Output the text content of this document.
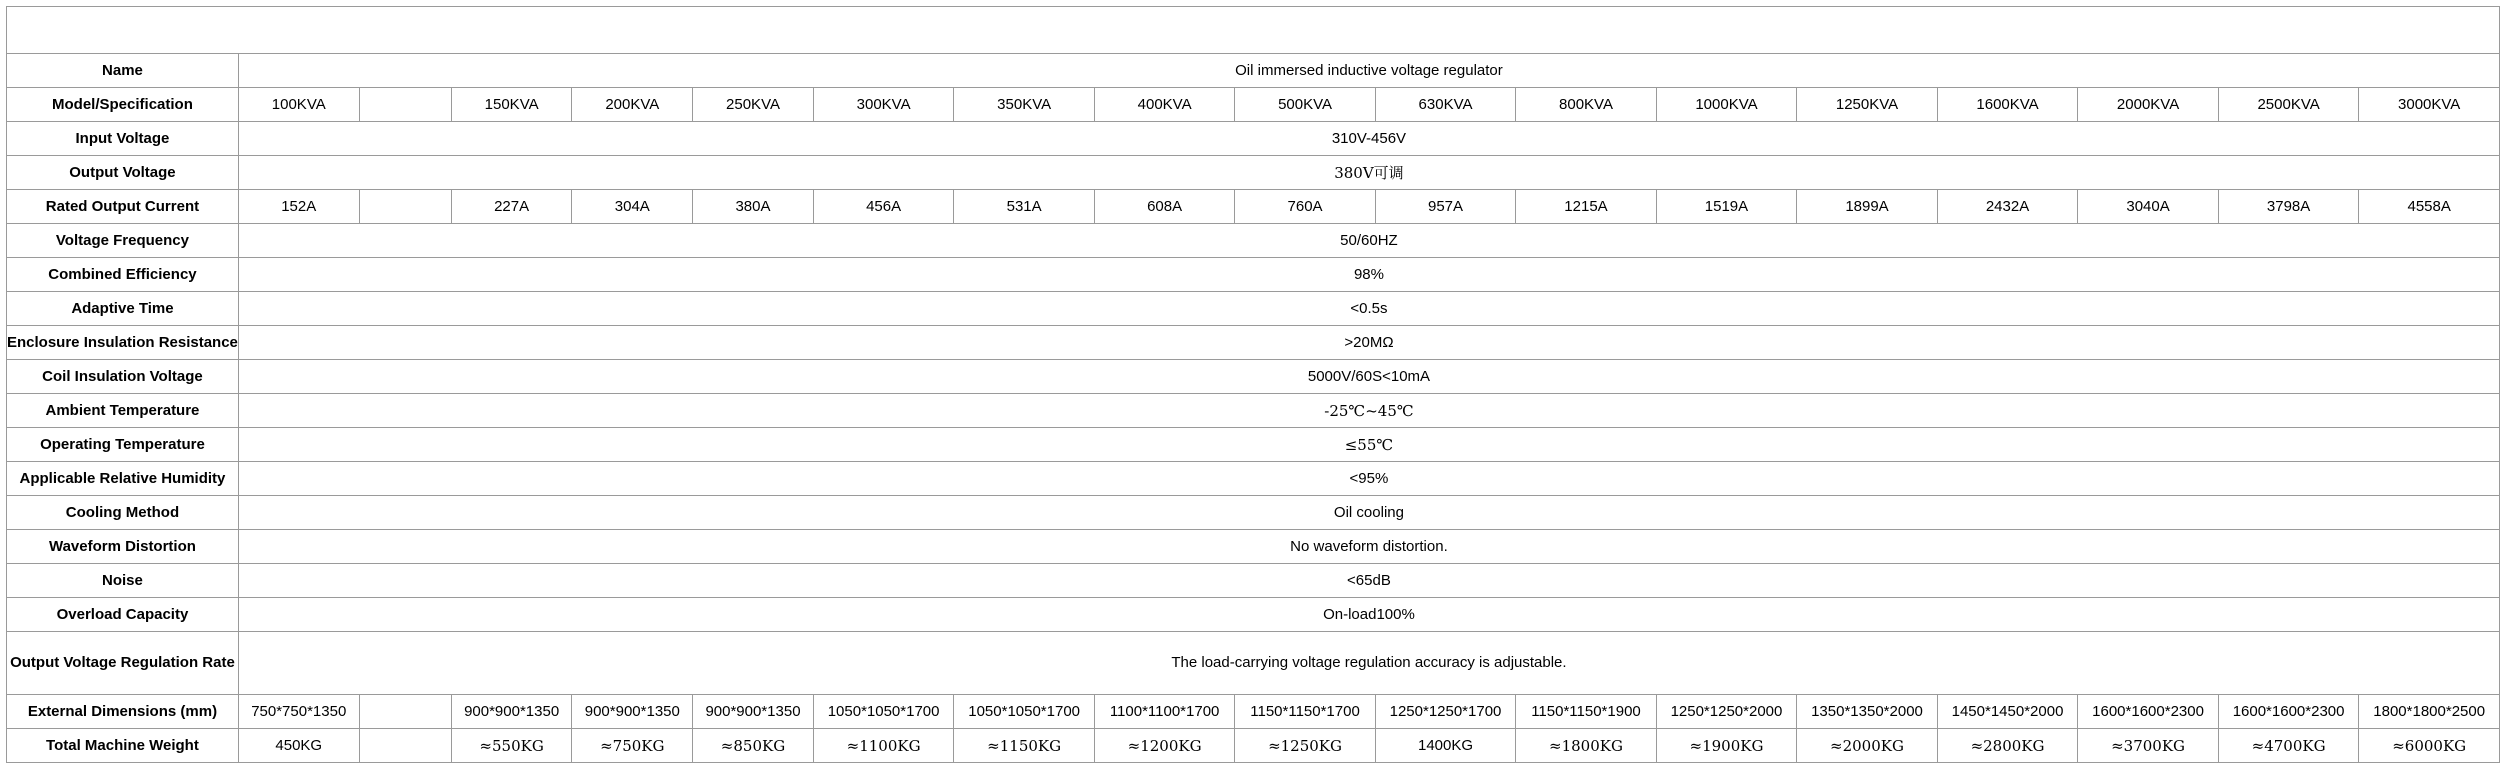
Name	Oil immersed inductive voltage regulator																
Model/Specification	100KVA		150KVA	200KVA	250KVA	300KVA	350KVA	400KVA	500KVA	630KVA	800KVA	1000KVA	1250KVA	1600KVA	2000KVA	2500KVA	3000KVA
Input Voltage	310V-456V																
Output Voltage	380V可调																
Rated Output Current	152A		227A	304A	380A	456A	531A	608A	760A	957A	1215A	1519A	1899A	2432A	3040A	3798A	4558A
Voltage Frequency	50/60HZ																
Combined Efficiency	98%																
Adaptive Time	<0.5s																
Enclosure Insulation Resistance	>20MΩ																
Coil Insulation Voltage	5000V/60S<10mA																
Ambient Temperature	-25℃~45℃																
Operating Temperature	≤55℃																
Applicable Relative Humidity	<95%																
Cooling Method	Oil cooling																
Waveform Distortion	No waveform distortion.																
Noise	<65dB																
Overload Capacity	On-load100%																
Output Voltage Regulation Rate	The load-carrying voltage regulation accuracy is adjustable.																
External Dimensions (mm)	750*750*1350		900*900*1350	900*900*1350	900*900*1350	1050*1050*1700	1050*1050*1700	1100*1100*1700	1150*1150*1700	1250*1250*1700	1150*1150*1900	1250*1250*2000	1350*1350*2000	1450*1450*2000	1600*1600*2300	1600*1600*2300	1800*1800*2500
Total Machine Weight	450KG		≈550KG	≈750KG	≈850KG	≈1100KG	≈1150KG	≈1200KG	≈1250KG	1400KG	≈1800KG	≈1900KG	≈2000KG	≈2800KG	≈3700KG	≈4700KG	≈6000KG
